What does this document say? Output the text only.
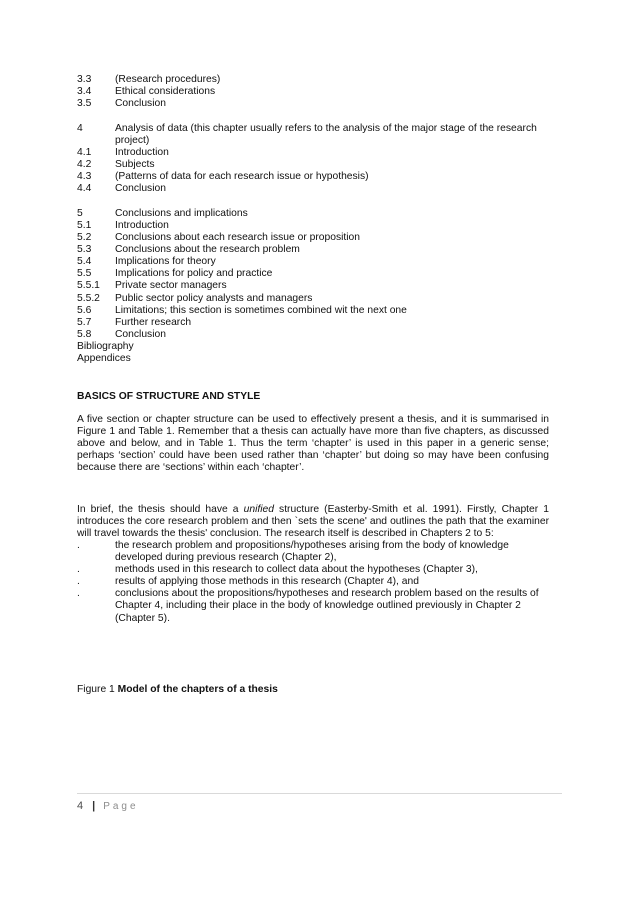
3.3	(Research procedures)
3.4	Ethical considerations
3.5	Conclusion
4	Analysis of data (this chapter usually refers to the analysis of the major stage of the research project)
4.1	Introduction
4.2	Subjects
4.3	(Patterns of data for each research issue or hypothesis)
4.4	Conclusion
5	Conclusions and implications
5.1	Introduction
5.2	Conclusions about each research issue or proposition
5.3	Conclusions about the research problem
5.4	Implications for theory
5.5	Implications for policy and practice
5.5.1	Private sector managers
5.5.2	Public sector policy analysts and managers
5.6	Limitations; this section is sometimes combined wit the next one
5.7	Further research
5.8	Conclusion
Bibliography
Appendices
BASICS OF STRUCTURE AND STYLE
A five section or chapter structure can be used to effectively present a thesis, and it is summarised in Figure 1 and Table 1. Remember that a thesis can actually have more than five chapters, as discussed above and below, and in Table 1. Thus the term ‘chapter’ is used in this paper in a generic sense; perhaps ‘section’ could have been used rather than ‘chapter’ but doing so may have been confusing because there are ‘sections’ within each ‘chapter’.
In brief, the thesis should have a unified structure (Easterby-Smith et al. 1991). Firstly, Chapter 1 introduces the core research problem and then `sets the scene' and outlines the path that the examiner will travel towards the thesis' conclusion. The research itself is described in Chapters 2 to 5:
.	the research problem and propositions/hypotheses arising from the body of knowledge developed during previous research (Chapter 2),
.	methods used in this research to collect data about the hypotheses (Chapter 3),
.	results of applying those methods in this research (Chapter 4), and
.	conclusions about the propositions/hypotheses and research problem based on the results of Chapter 4, including their place in the body of knowledge outlined previously in Chapter 2 (Chapter 5).
Figure 1 Model of the chapters of a thesis
4 | Page
